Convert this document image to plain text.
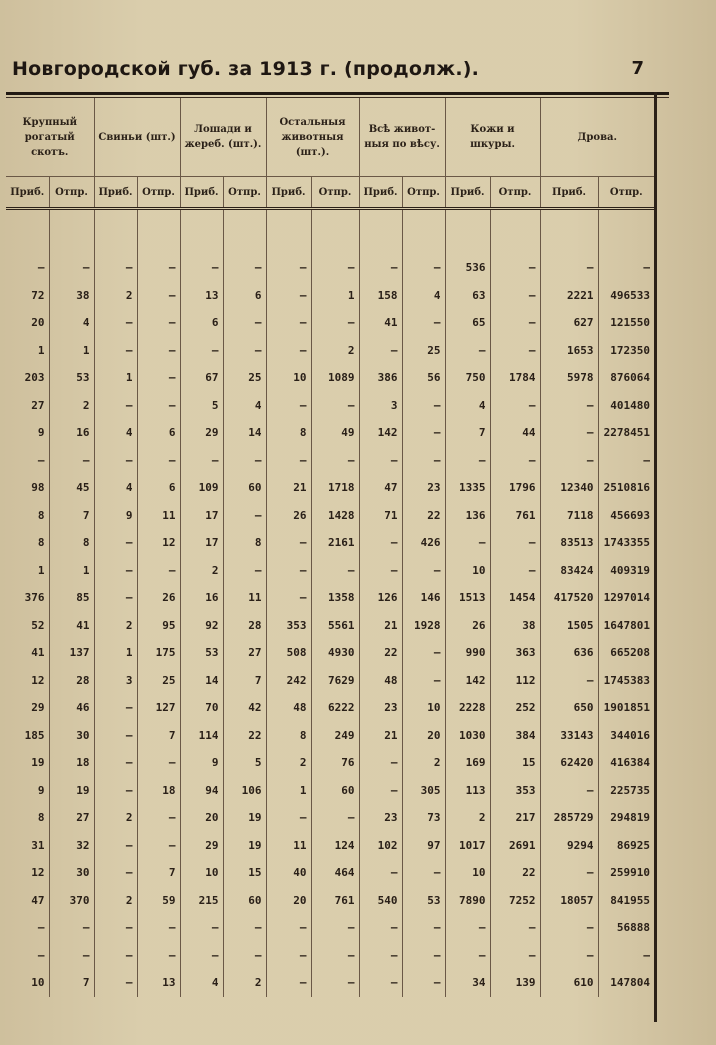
Новгородской губ. за 1913 г. (продолж.).	7
Крупный рогатый скотъ.		Свиньи (шт.)		Лошади и жереб. (шт.).		Остальныя животныя (шт.).		Всѣ живот-ныя по вѣсу.		Кожи и шкуры.		Дрова.	
Приб.	Отпр.	Приб.	Отпр.	Приб.	Отпр.	Приб.	Отпр.	Приб.	Отпр.	Приб.	Отпр.	Приб.	Отпр.

—	—	—	—	—	—	—	—	—	—	536	—	—	—
72	38	2	—	13	6	—	1	158	4	63	—	2221	496533
20	4	—	—	6	—	—	—	41	—	65	—	627	121550
1	1	—	—	—	—	—	2	—	25	—	—	1653	172350
203	53	1	—	67	25	10	1089	386	56	750	1784	5978	876064
27	2	—	—	5	4	—	—	3	—	4	—	—	401480
9	16	4	6	29	14	8	49	142	—	7	44	—	2278451
—	—	—	—	—	—	—	—	—	—	—	—	—	—
98	45	4	6	109	60	21	1718	47	23	1335	1796	12340	2510816
8	7	9	11	17	—	26	1428	71	22	136	761	7118	456693
8	8	—	12	17	8	—	2161	—	426	—	—	83513	1743355
1	1	—	—	2	—	—	—	—	—	10	—	83424	409319
376	85	—	26	16	11	—	1358	126	146	1513	1454	417520	1297014
52	41	2	95	92	28	353	5561	21	1928	26	38	1505	1647801
41	137	1	175	53	27	508	4930	22	—	990	363	636	665208
12	28	3	25	14	7	242	7629	48	—	142	112	—	1745383
29	46	—	127	70	42	48	6222	23	10	2228	252	650	1901851
185	30	—	7	114	22	8	249	21	20	1030	384	33143	344016
19	18	—	—	9	5	2	76	—	2	169	15	62420	416384
9	19	—	18	94	106	1	60	—	305	113	353	—	225735
8	27	2	—	20	19	—	—	23	73	2	217	285729	294819
31	32	—	—	29	19	11	124	102	97	1017	2691	9294	86925
12	30	—	7	10	15	40	464	—	—	10	22	—	259910
47	370	2	59	215	60	20	761	540	53	7890	7252	18057	841955
—	—	—	—	—	—	—	—	—	—	—	—	—	56888
—	—	—	—	—	—	—	—	—	—	—	—	—	—
10	7	—	13	4	2	—	—	—	—	34	139	610	147804
